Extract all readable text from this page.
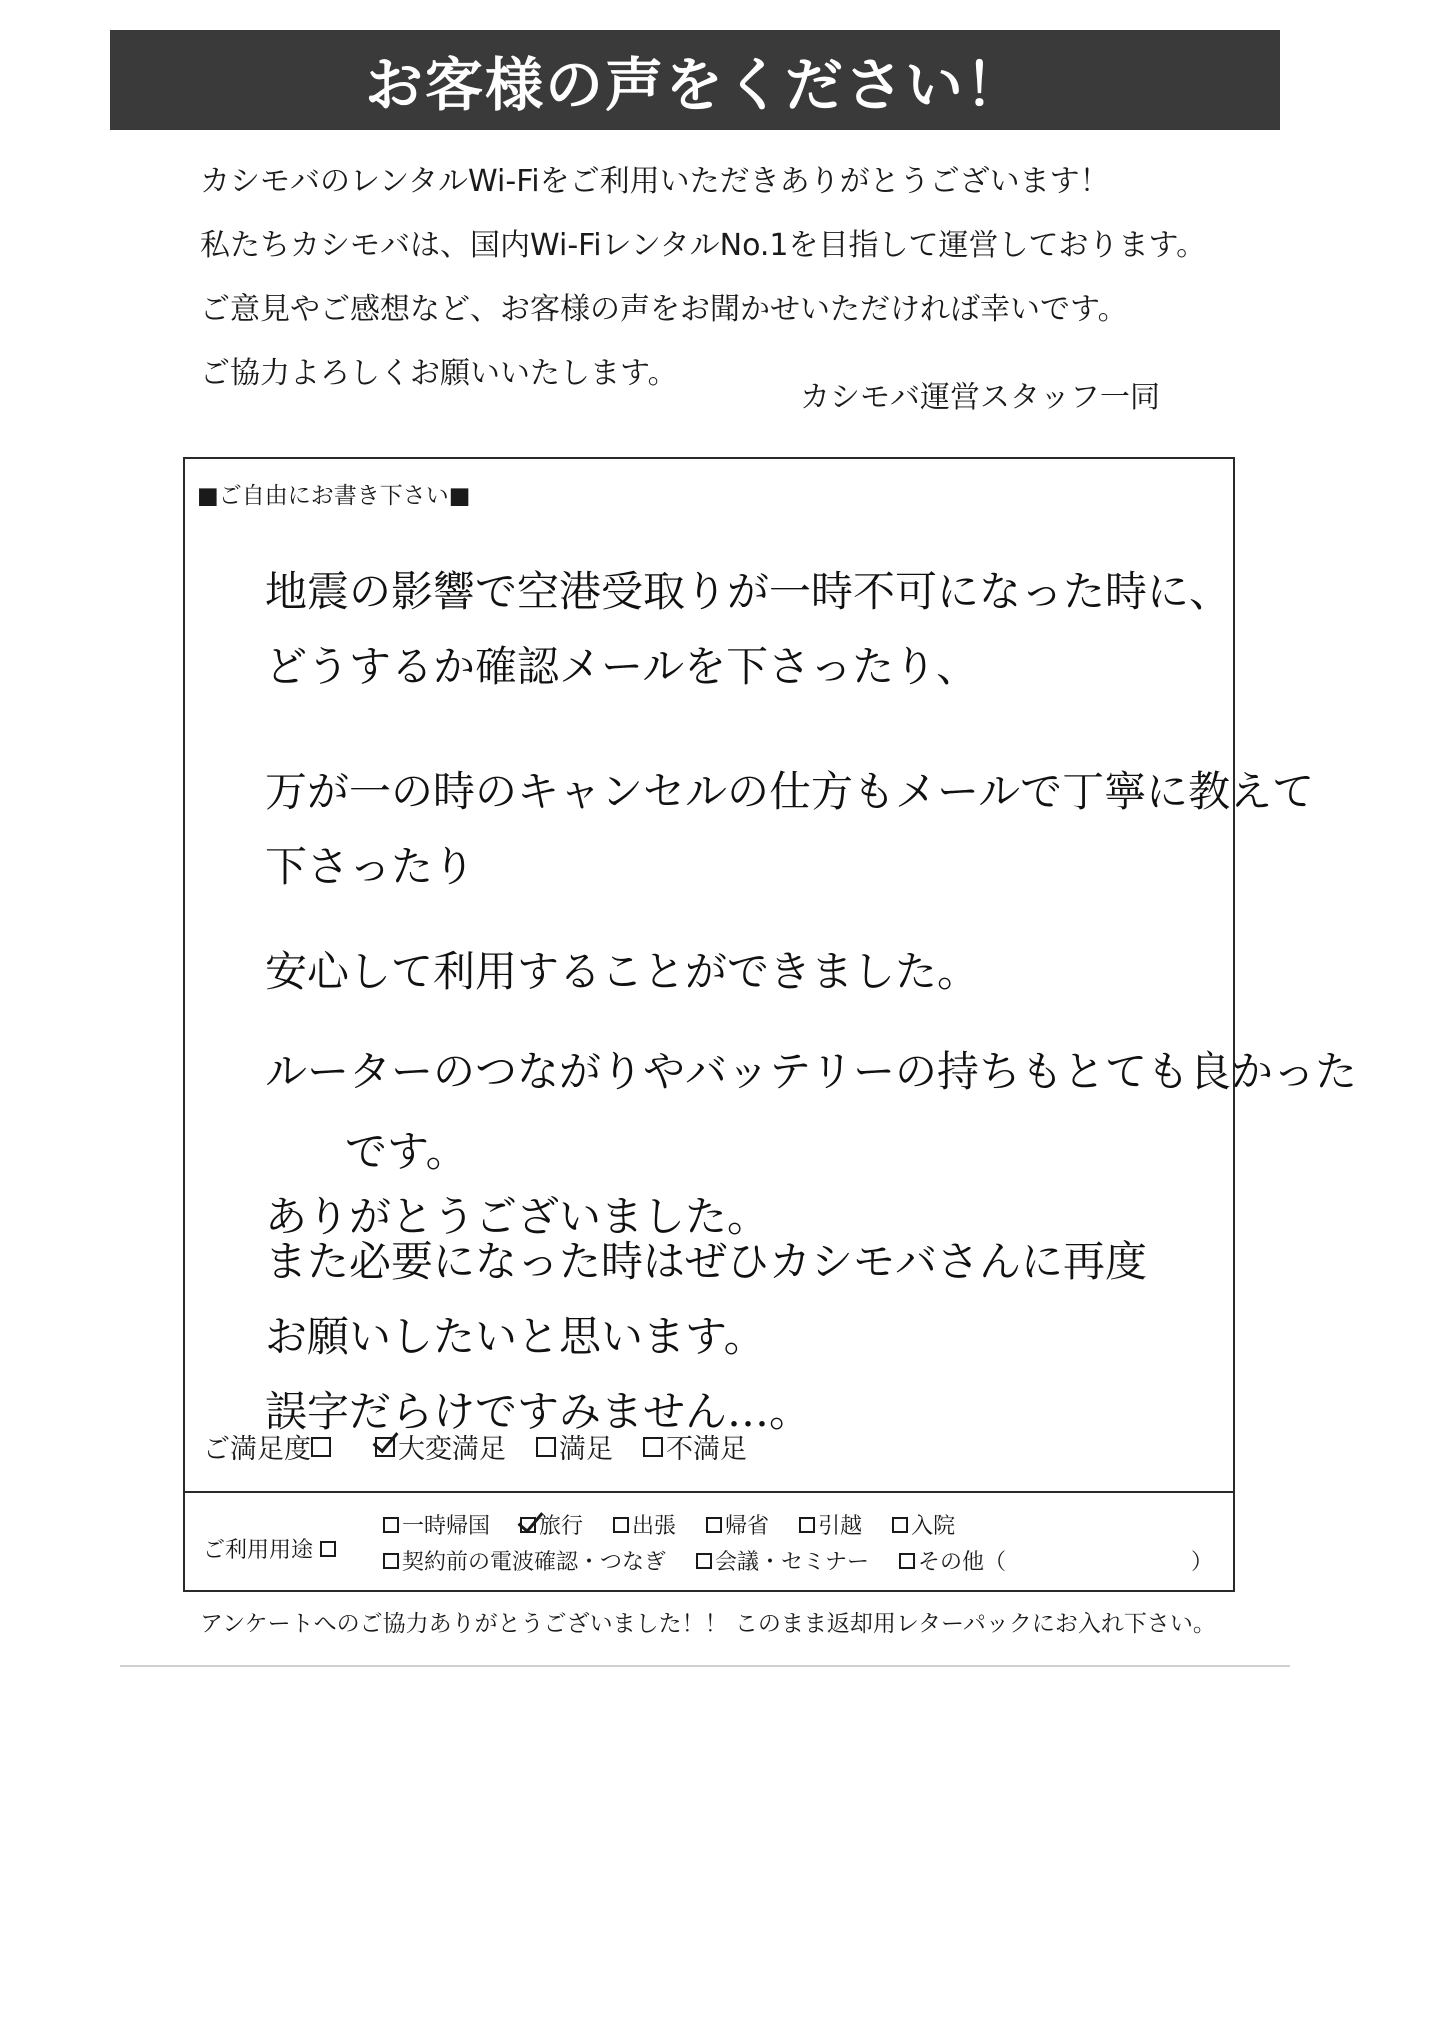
お客様の声をください！
カシモバのレンタルWi-Fiをご利用いただきありがとうございます！
私たちカシモバは、国内Wi-FiレンタルNo.1を目指して運営しております。
ご意見やご感想など、お客様の声をお聞かせいただければ幸いです。
ご協力よろしくお願いいたします。
カシモバ運営スタッフ一同
■ご自由にお書き下さい■
地震の影響で空港受取りが一時不可になった時に、
どうするか確認メールを下さったり、
万が一の時のキャンセルの仕方もメールで丁寧に教えて
下さったり
安心して利用することができました。
ルーターのつながりやバッテリーの持ちもとても良かった
です。
ありがとうございました。
また必要になった時はぜひカシモバさんに再度
お願いしたいと思います。
誤字だらけですみません…。
ご満足度	大変満足 満足 不満足
ご利用用途
一時帰国 旅行 出張 帰省 引越 入院
契約前の電波確認・つなぎ 会議・セミナー その他（	）
アンケートへのご協力ありがとうございました！！ このまま返却用レターパックにお入れ下さい。
